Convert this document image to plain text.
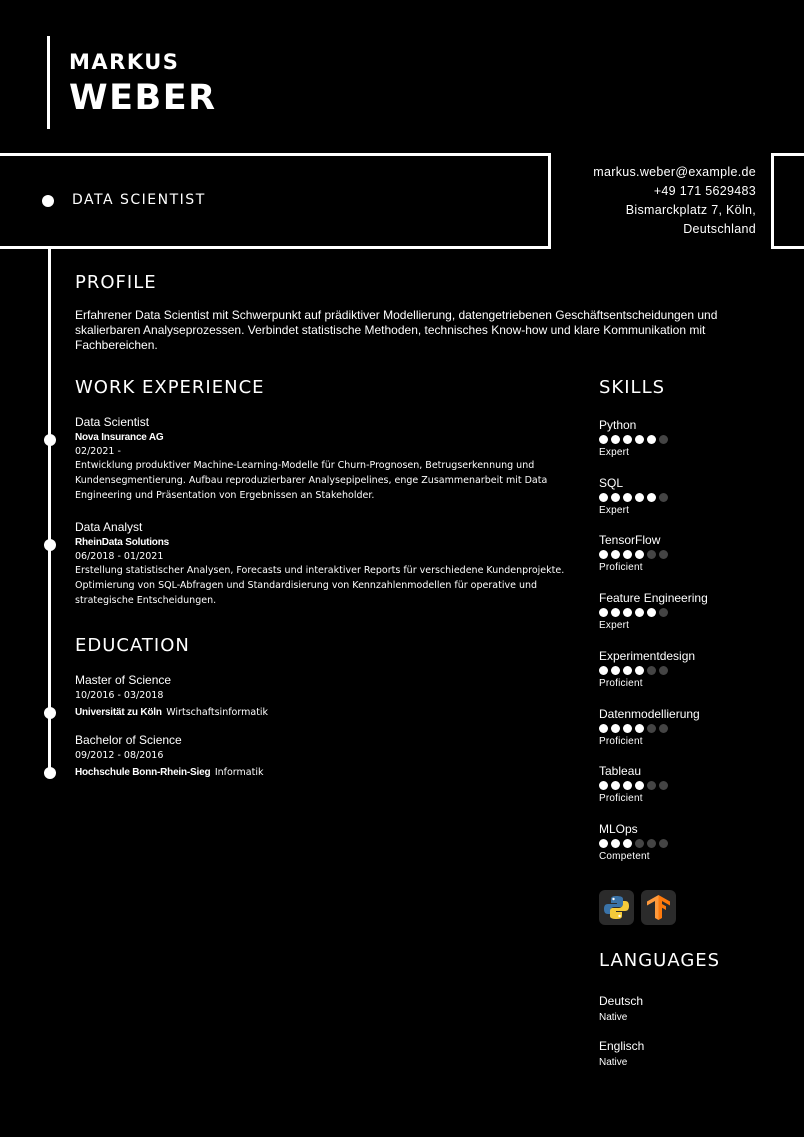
MARKUS
WEBER
DATA SCIENTIST
markus.weber@example.de
+49 171 5629483
Bismarckplatz 7, Köln,
Deutschland
PROFILE
Erfahrener Data Scientist mit Schwerpunkt auf prädiktiver Modellierung, datengetriebenen Geschäftsentscheidungen und skalierbaren Analyseprozessen. Verbindet statistische Methoden, technisches Know-how und klare Kommunikation mit Fachbereichen.
WORK EXPERIENCE
Data Scientist
Nova Insurance AG
02/2021 -
Entwicklung produktiver Machine-Learning-Modelle für Churn-Prognosen, Betrugserkennung und Kundensegmentierung. Aufbau reproduzierbarer Analysepipelines, enge Zusammenarbeit mit Data Engineering und Präsentation von Ergebnissen an Stakeholder.
Data Analyst
RheinData Solutions
06/2018 - 01/2021
Erstellung statistischer Analysen, Forecasts und interaktiver Reports für verschiedene Kundenprojekte. Optimierung von SQL-Abfragen und Standardisierung von Kennzahlenmodellen für operative und strategische Entscheidungen.
EDUCATION
Master of Science
10/2016 - 03/2018
Universität zu Köln Wirtschaftsinformatik
Bachelor of Science
09/2012 - 08/2016
Hochschule Bonn-Rhein-Sieg Informatik
SKILLS
Python
Expert
SQL
Expert
TensorFlow
Proficient
Feature Engineering
Expert
Experimentdesign
Proficient
Datenmodellierung
Proficient
Tableau
Proficient
MLOps
Competent
LANGUAGES
Deutsch
Native
Englisch
Native
